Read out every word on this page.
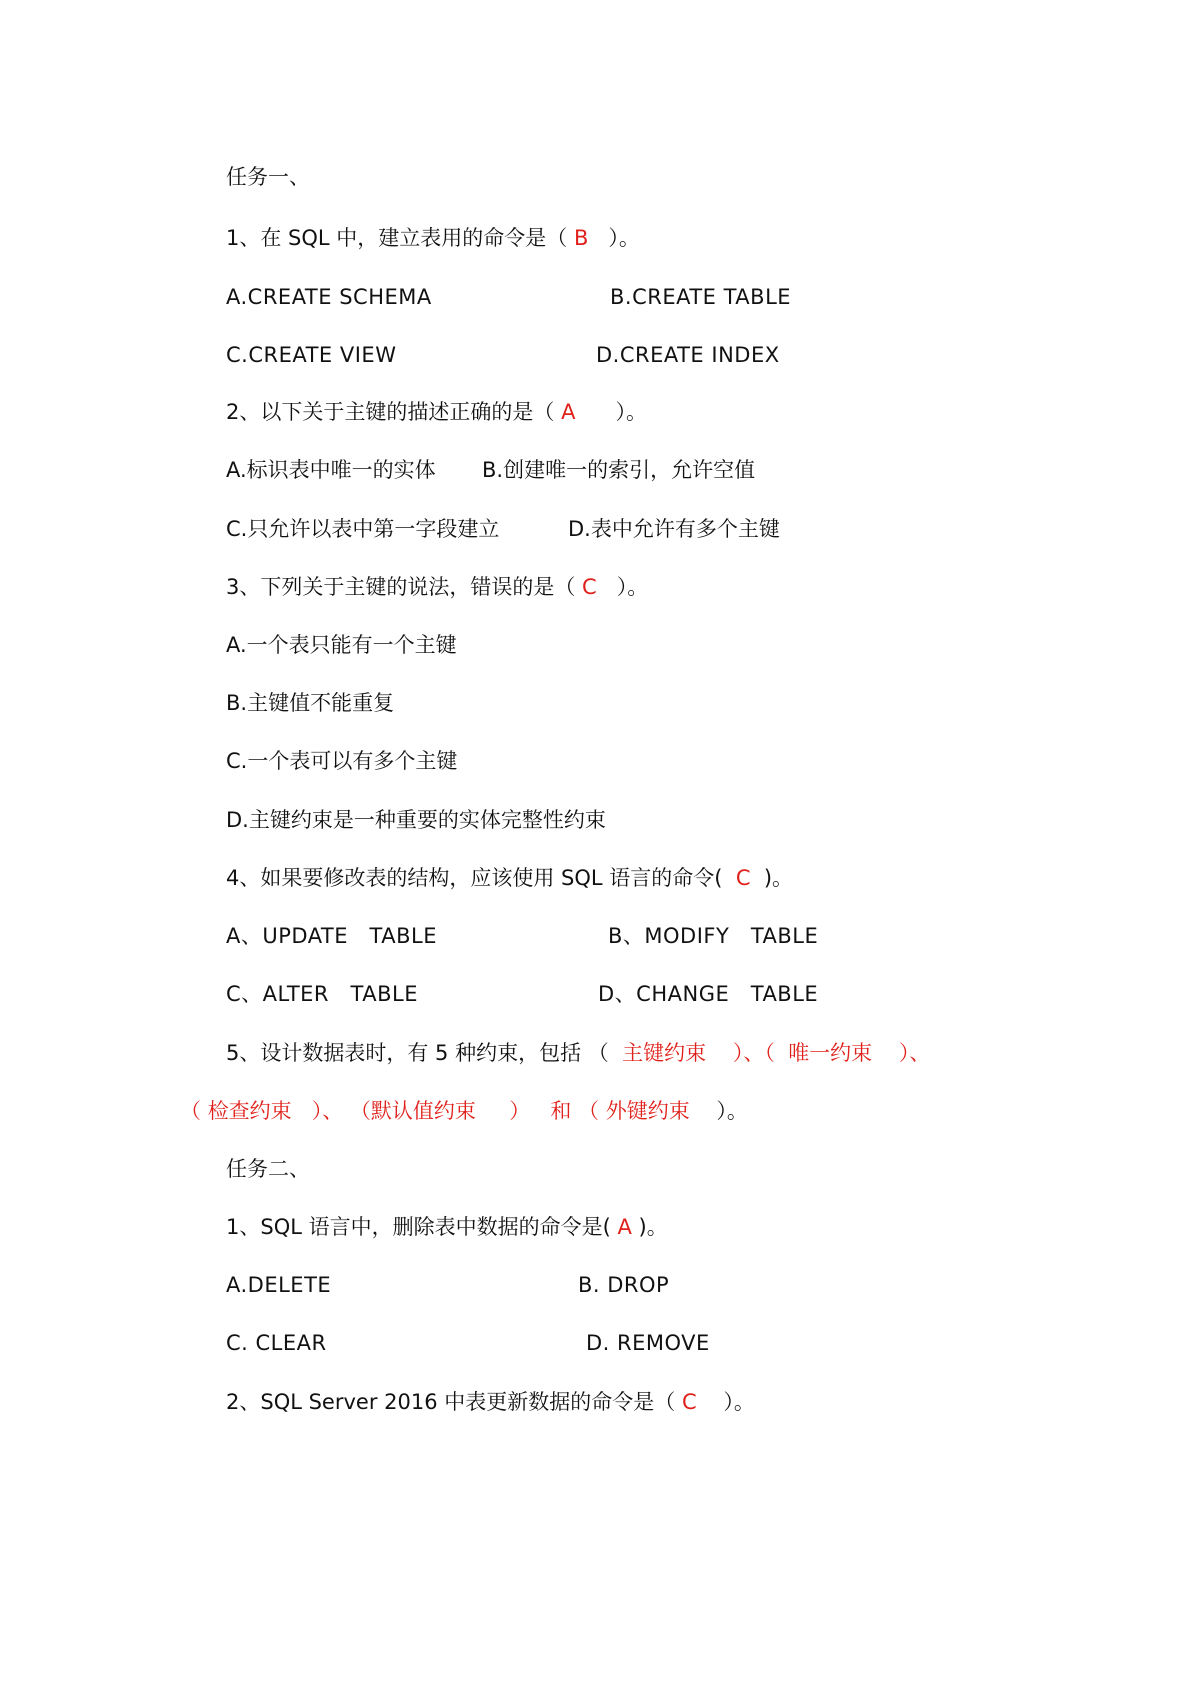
任务一、

1、在 SQL 中，建立表用的命令是（ B ）。

A.CREATE SCHEMA	B.CREATE TABLE

C.CREATE VIEW	D.CREATE INDEX

2、以下关于主键的描述正确的是（ A ）。

A.标识表中唯一的实体 B.创建唯一的索引，允许空值

C.只允许以表中第一字段建立	D.表中允许有多个主键

3、下列关于主键的说法，错误的是（ C ）。

A.一个表只能有一个主键

B.主键值不能重复

C.一个表可以有多个主键

D.主键约束是一种重要的实体完整性约束

4、如果要修改表的结构，应该使用 SQL 语言的命令( C )。

A、UPDATE　TABLE	B、MODIFY　TABLE

C、ALTER　TABLE	D、CHANGE　TABLE

5、设计数据表时，有 5 种约束，包括 （ 主键约束 ）、（ 唯一约束 ）、

（ 检查约束 ）、 （默认值约束 ） 和 （ 外键约束 ）。

任务二、

1、SQL 语言中，删除表中数据的命令是( A )。

A.DELETE	B. DROP

C. CLEAR	D. REMOVE

2、SQL Server 2016 中表更新数据的命令是（ C ）。
